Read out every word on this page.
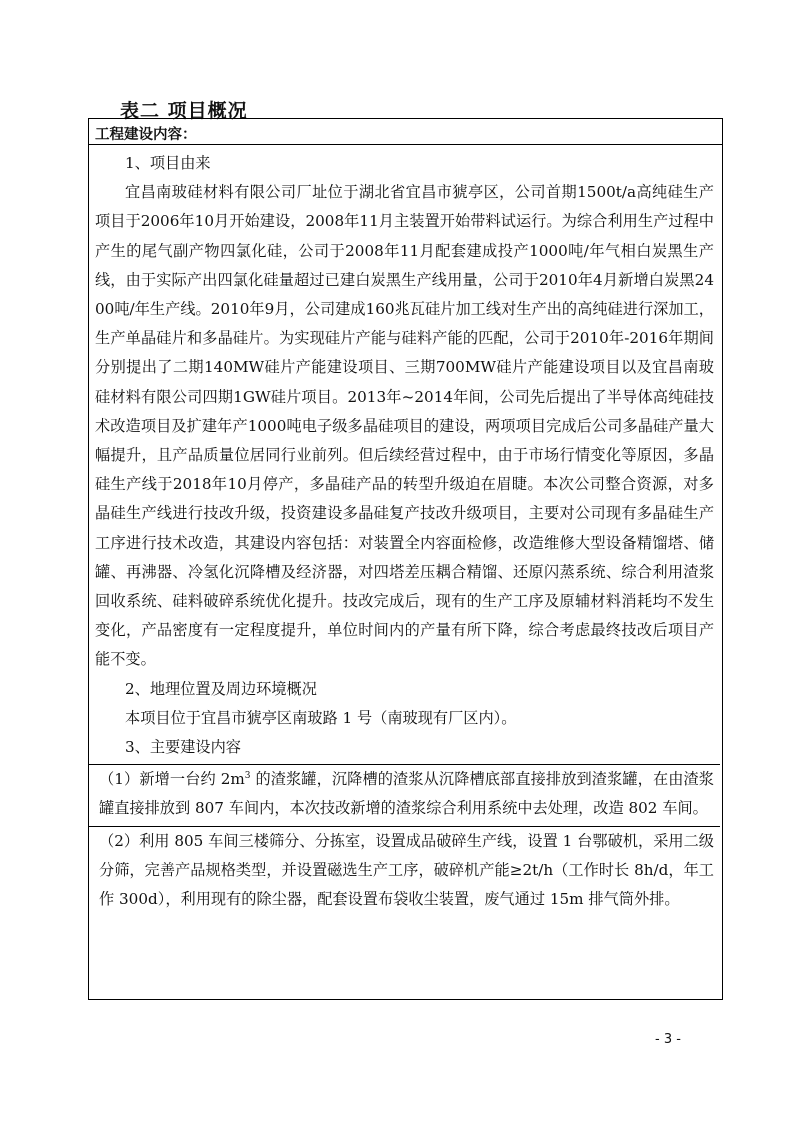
表二 项目概况
工程建设内容：

1、项目由来

宜昌南玻硅材料有限公司厂址位于湖北省宜昌市猇亭区，公司首期1500t/a高纯硅生产项目于2006年10月开始建设，2008年11月主装置开始带料试运行。为综合利用生产过程中产生的尾气副产物四氯化硅，公司于2008年11月配套建成投产1000吨/年气相白炭黑生产线，由于实际产出四氯化硅量超过已建白炭黑生产线用量，公司于2010年4月新增白炭黑2400吨/年生产线。2010年9月，公司建成160兆瓦硅片加工线对生产出的高纯硅进行深加工，生产单晶硅片和多晶硅片。为实现硅片产能与硅料产能的匹配，公司于2010年-2016年期间分别提出了二期140MW硅片产能建设项目、三期700MW硅片产能建设项目以及宜昌南玻硅材料有限公司四期1GW硅片项目。2013年~2014年间，公司先后提出了半导体高纯硅技术改造项目及扩建年产1000吨电子级多晶硅项目的建设，两项项目完成后公司多晶硅产量大幅提升，且产品质量位居同行业前列。但后续经营过程中，由于市场行情变化等原因，多晶硅生产线于2018年10月停产，多晶硅产品的转型升级迫在眉睫。本次公司整合资源，对多晶硅生产线进行技改升级，投资建设多晶硅复产技改升级项目，主要对公司现有多晶硅生产工序进行技术改造，其建设内容包括：对装置全内容面检修，改造维修大型设备精馏塔、储罐、再沸器、冷氢化沉降槽及经济器，对四塔差压耦合精馏、还原闪蒸系统、综合利用渣浆回收系统、硅料破碎系统优化提升。技改完成后，现有的生产工序及原辅材料消耗均不发生变化，产品密度有一定程度提升，单位时间内的产量有所下降，综合考虑最终技改后项目产能不变。

2、地理位置及周边环境概况

本项目位于宜昌市猇亭区南玻路 1 号（南玻现有厂区内）。

3、主要建设内容

（1）新增一台约 $2m^3$ 的渣浆罐，沉降槽的渣浆从沉降槽底部直接排放到渣浆罐，在由渣浆罐直接排放到 807 车间内，本次技改新增的渣浆综合利用系统中去处理，改造 802 车间。

（2）利用 805 车间三楼筛分、分拣室，设置成品破碎生产线，设置 1 台鄂破机，采用二级分筛，完善产品规格类型，并设置磁选生产工序，破碎机产能≥2t/h（工作时长 8h/d，年工作 300d），利用现有的除尘器，配套设置布袋收尘装置，废气通过 15m 排气筒外排。

- 3 -
